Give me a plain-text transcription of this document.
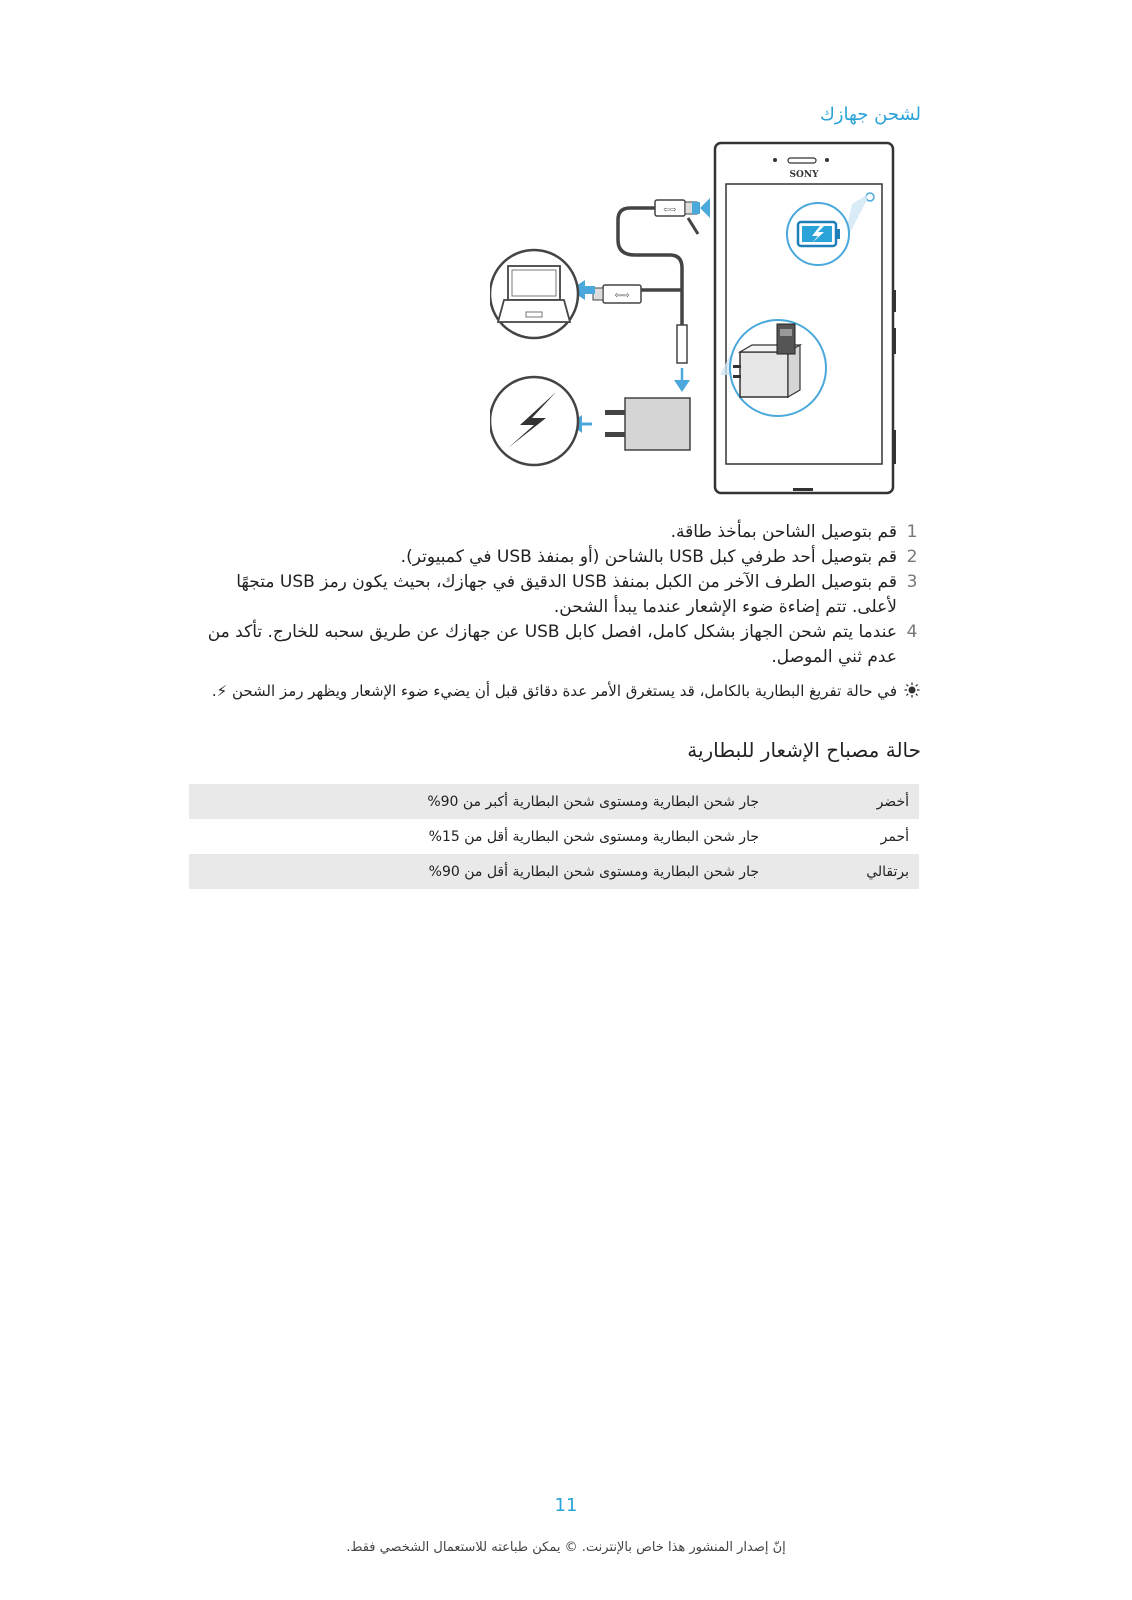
لشحن جهازك
SONY
⇦⇨
⇦⇨
1
قم بتوصيل الشاحن بمأخذ طاقة.
2
قم بتوصيل أحد طرفي كبل USB بالشاحن (أو بمنفذ USB في كمبيوتر).
3
قم بتوصيل الطرف الآخر من الكبل بمنفذ USB الدقيق في جهازك، بحيث يكون رمز USB متجهًا لأعلى. تتم إضاءة ضوء الإشعار عندما يبدأ الشحن.
4
عندما يتم شحن الجهاز بشكل كامل، افصل كابل USB عن جهازك عن طريق سحبه للخارج. تأكد من عدم ثني الموصل.
في حالة تفريغ البطارية بالكامل، قد يستغرق الأمر عدة دقائق قبل أن يضيء ضوء الإشعار ويظهر رمز الشحن ⚡.
حالة مصباح الإشعار للبطارية
جار شحن البطارية ومستوى شحن البطارية أكبر من 90%	أخضر
جار شحن البطارية ومستوى شحن البطارية أقل من 15%	أحمر
جار شحن البطارية ومستوى شحن البطارية أقل من 90%	برتقالي
11
إنّ إصدار المنشور هذا خاص بالإنترنت. © يمكن طباعته للاستعمال الشخصي فقط.
